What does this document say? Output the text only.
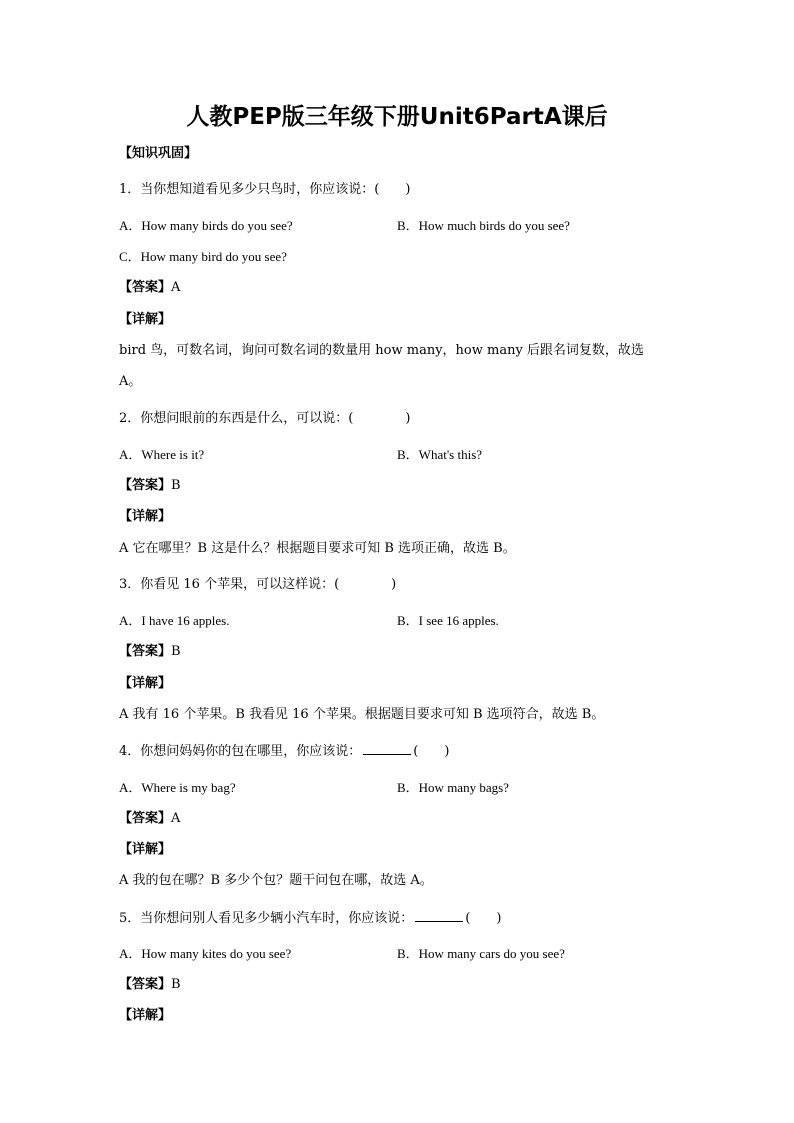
人教PEP版三年级下册Unit6PartA课后
【知识巩固】
1．当你想知道看见多少只鸟时，你应该说：(　　)
A．How many birds do you see?	B．How much birds do you see?
C．How many bird do you see?
【答案】A
【详解】
bird 鸟，可数名词，询问可数名词的数量用 how many，how many 后跟名词复数，故选
A。
2．你想问眼前的东西是什么，可以说：(　　　　)
A．Where is it?	B．What's this?
【答案】B
【详解】
A 它在哪里？B 这是什么？根据题目要求可知 B 选项正确，故选 B。
3．你看见 16 个苹果，可以这样说：(　　　　)
A．I have 16 apples.	B．I see 16 apples.
【答案】B
【详解】
A 我有 16 个苹果。B 我看见 16 个苹果。根据题目要求可知 B 选项符合，故选 B。
4．你想问妈妈你的包在哪里，你应该说：	(　　)
A．Where is my bag?	B．How many bags?
【答案】A
【详解】
A 我的包在哪？B 多少个包？题干问包在哪，故选 A。
5．当你想问别人看见多少辆小汽车时，你应该说：	(　　)
A．How many kites do you see?	B．How many cars do you see?
【答案】B
【详解】
